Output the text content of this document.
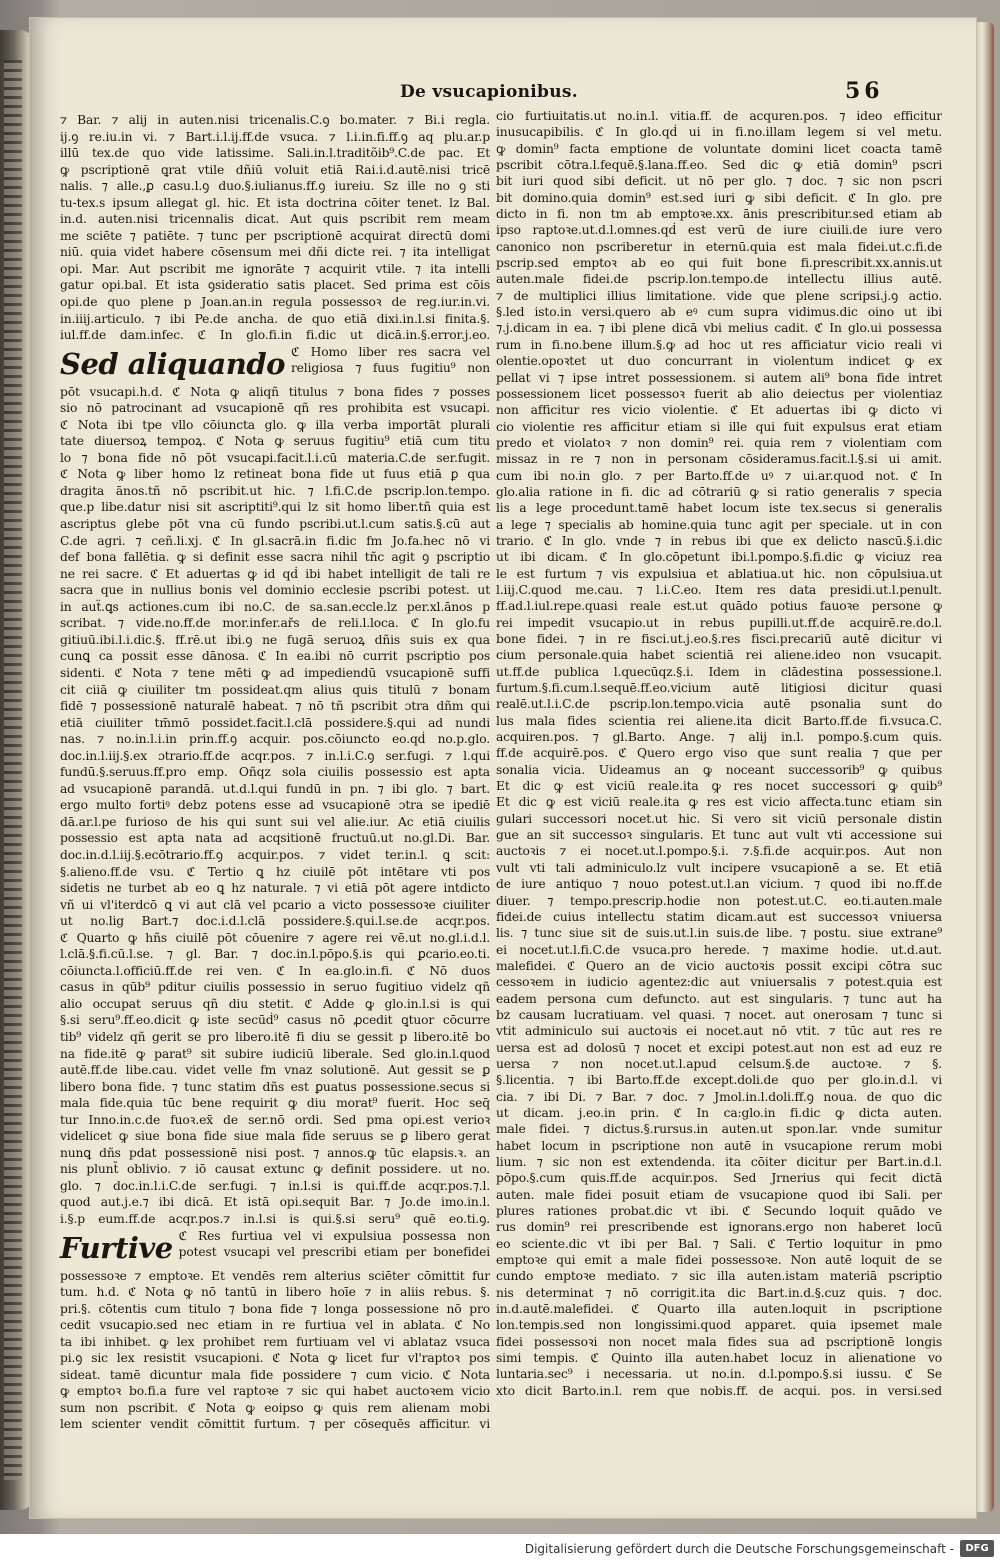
De vsucapionibus.	56
⁊ Bar. ⁊ alij in auten.nisi tricenalis.C.ꝯ bo.mater. ⁊ Bi.i regla.
ij.ꝯ re.iu.in vi. ⁊ Bart.i.l.ij.ff.de vsuca. ⁊ l.i.in.fi.ff.ꝯ aq plu.ar.p
illū tex.de quo vide latissime. Sali.in.l.traditõib⁹.C.de pac. Et
ꝙ pscriptionē ꝗrat vtile dñiū voluit etiā Rai.i.d.autē.nisi tricē
nalis. ⁊ alle.,ꝑ casu.l.ꝯ duo.§.iulianus.ff.ꝯ iureiu. Sz ille no ꝯ sti
tu-tex.s ipsum allegat gl. hic. Et ista doctrina cōiter tenet. lz Bal.
in.d. auten.nisi tricennalis dicat. Aut quis pscribit rem meam
me sciēte ⁊ patiēte. ⁊ tunc per pscriptionē acquirat directū domi
niū. quia videt habere cōsensum mei dñi dicte rei. ⁊ ita intelligat
opi. Mar. Aut pscribit me ignorāte ⁊ acquirit vtile. ⁊ ita intelli
gatur opi.bal. Et ista ꝯsideratio satis placet. Sed prima est cōis
opi.de quo plene p Joan.an.in regula possessoꝛ de reg.iur.in.vi.
in.iiij.articulo. ⁊ ibi Pe.de ancha. de quo etiā dixi.in.l.si finita.§.
iul.ff.de dam.infec. ℭ In glo.fi.in fi.dic ut dicā.in.§.error.j.eo.
Sed aliquando ℭ Homo liber res sacra vel
religiosa ⁊ fuus fugitiu⁹ non
pōt vsucapi.h.d. ℭ Nota ꝙ aliqñ titulus ⁊ bona fides ⁊ posses
sio nō patrocinant ad vsucapionē qñ res prohibita est vsucapi.
ℭ Nota ibi tpe vllo cōiuncta glo. ꝙ illa verba importāt plurali
tate diuersoꝝ tempoꝝ. ℭ Nota ꝙ seruus fugitiu⁹ etiā cum titu
lo ⁊ bona fide nō pōt vsucapi.facit.l.i.cū materia.C.de ser.fugit.
ℭ Nota ꝙ liber homo lz retineat bona fide ut fuus etiā ꝑ qua
dragita ānos.tñ nō pscribit.ut hic. ⁊ l.fi.C.de pscrip.lon.tempo.
que.p libe.datur nisi sit ascriptiti⁹.qui lz sit homo liber.tñ quia est
ascriptus glebe pōt vna cū fundo pscribi.ut.l.cum satis.§.cū aut
C.de agri. ⁊ ceñ.li.xj. ℭ In gl.sacrā.in fi.dic fm Jo.fa.hec nō vi
def bona fallētia. ꝙ si definit esse sacra nihil tñc agit ꝯ pscriptio
ne rei sacre. ℭ Et aduertas ꝙ id qḋ ibi habet intelligit de tali re
sacra que in nullius bonis vel dominio ecclesie pscribi potest. ut
in auẗ.ꝗs actiones.cum ibi no.C. de sa.san.eccle.lz per.xl.ānos p
scribat. ⁊ vide.no.ff.de mor.infer.ařs de reli.l.loca. ℭ In glo.fu
gitiuū.ibi.l.i.dic.§. ff.rē.ut ibi.ꝯ ne fugā seruoꝝ dñis suis ex qua
cunꝗ ca possit esse dānosa. ℭ In ea.ibi nō currit pscriptio pos
sidenti. ℭ Nota ⁊ tene mēti ꝙ ad impediendū vsucapionē suffi
cit ciiā ꝙ ciuiliter tm possideat.qm alius quis titulū ⁊ bonam
fidē ⁊ possessionē naturalē habeat. ⁊ nō tñ pscribit ɔtra dñm qui
etiā ciuiliter tm̄mō possidet.facit.l.clā possidere.§.qui ad nundi
nas. ⁊ no.in.l.i.in prin.ff.ꝯ acquir. pos.cōiuncto eo.qḋ no.p.glo.
doc.in.l.iij.§.ex ɔtrario.ff.de acqr.pos. ⁊ in.l.i.C.ꝯ ser.fugi. ⁊ l.qui
fundū.§.seruus.ff.pro emp. Oñqz sola ciuilis possessio est apta
ad vsucapionē parandā. ut.d.l.qui fundū in pn. ⁊ ibi glo. ⁊ bart.
ergo multo fortiꝰ debz potens esse ad vsucapionē ɔtra se ipediē
dā.ar.l.pe furioso de his qui sunt sui vel alie.iur. Ac etiā ciuilis
possessio est apta nata ad acqsitionē fructuū.ut no.gl.Di. Bar.
doc.in.d.l.iij.§.ecōtrario.ff.ꝯ acquir.pos. ⁊ videt ter.in.l. ꝗ scit:
§.alieno.ff.de vsu. ℭ Tertio ꝗ hz ciuilē pōt intētare vti pos
sidetis ne turbet ab eo ꝗ hz naturale. ⁊ vi etiā pōt agere intdicto
vñ ui vl'iterdcō ꝗ vi aut clā vel pcario a victo possessoꝛe ciuiliter
ut no.lig Bart.⁊ doc.i.d.l.clā possidere.§.qui.l.se.de acqr.pos.
ℭ Quarto ꝙ hñs ciuilē pōt cōuenire ⁊ agere rei vē.ut no.gl.i.d.l.
l.clā.§.fi.cū.l.se. ⁊ gl. Bar. ⁊ doc.in.l.pōpo.§.is qui ꝑcario.eo.ti.
cōiuncta.l.officiū.ff.de rei ven. ℭ In ea.glo.in.fi. ℭ Nō duos
casus in qūb⁹ pditur ciuilis possessio in seruo fugitiuo videlz qñ
alio occupat seruus qñ diu stetit. ℭ Adde ꝙ glo.in.l.si is qui
§.si seru⁹.ff.eo.dicit ꝙ iste secūḋ⁹ casus nō ꝓcedit ꝗtuor cōcurre
tib⁹ videlz qñ gerit se pro libero.itē fi diu se gessit p libero.itē bo
na fide.itē ꝙ parat⁹ sit subire iudiciū liberale. Sed glo.in.l.quod
autē.ff.de libe.cau. videt velle fm vnaz solutionē. Aut gessit se ꝑ
libero bona fide. ⁊ tunc statim dñs est ꝑuatus possessione.secus si
mala fide.quia tūc bene requirit ꝙ diu morat⁹ fuerit. Hoc seq̄
tur Inno.in.c.de fuoꝛ.ex̄ de ser.nō ordi. Sed pma opi.est verioꝛ
videlicet ꝙ siue bona fide siue mala fide seruus se ꝑ libero gerat
nunꝗ dñs pdat possessionē nisi post. ⁊ annos.ꝙ tūc elapsis.ꝛ. an
nis plunt̄ oblivio. ⁊ iō causat extunc ꝙ definit possidere. ut no.
glo. ⁊ doc.in.l.i.C.de ser.fugi. ⁊ in.l.si is qui.ff.de acqr.pos.⁊.l.
quod aut.j.e.⁊ ibi dicā. Et istā opi.sequit Bar. ⁊ Jo.de imo.in.l.
i.§.p eum.ff.de acqr.pos.⁊ in.l.si is qui.§.si seru⁹ quē eo.ti.ꝯ.
Furtive ℭ Res furtiua vel vi expulsiua possessa non
potest vsucapi vel prescribi etiam per bonefidei
possessoꝛe ⁊ emptoꝛe. Et vendēs rem alterius sciēter cōmittit fur
tum. h.d. ℭ Nota ꝙ nō tantū in libero hoīe ⁊ in aliis rebus. §.
pri.§. cōtentis cum titulo ⁊ bona fide ⁊ longa possessione nō pro
cedit vsucapio.sed nec etiam in re furtiua vel in ablata. ℭ No
ta ibi inhibet. ꝙ lex prohibet rem furtiuam vel vi ablataz vsuca
pi.ꝯ sic lex resistit vsucapioni. ℭ Nota ꝙ licet fur vl'raptoꝛ pos
sideat. tamē dicuntur mala fide possidere ⁊ cum vicio. ℭ Nota
ꝙ emptoꝛ bo.fi.a fure vel raptoꝛe ⁊ sic qui habet auctoꝛem vicio
sum non pscribit. ℭ Nota ꝙ eoipso ꝙ quis rem alienam mobi
lem scienter vendit cōmittit furtum. ⁊ per cōsequēs afficitur. vi
cio furtiuitatis.ut no.in.l. vitia.ff. de acquren.pos. ⁊ ideo efficitur
inusucapibilis. ℭ In glo.qḋ ui in fi.no.illam legem si vel metu.
ꝙ domin⁹ facta emptione de voluntate domini licet coacta tamē
pscribit cōtra.l.fequē.§.lana.ff.eo. Sed dic ꝙ etiā domin⁹ pscri
bit iuri quod sibi deficit. ut nō per glo. ⁊ doc. ⁊ sic non pscri
bit domino.quia domin⁹ est.sed iuri ꝙ sibi deficit. ℭ In glo. pre
dicto in fi. non tm ab emptoꝛe.xx. ānis prescribitur.sed etiam ab
ipso raptoꝛe.ut.d.l.omnes.qḋ est verū de iure ciuili.de iure vero
canonico non pscriberetur in eternū.quia est mala fidei.ut.c.fi.de
pscrip.sed emptoꝛ ab eo qui fuit bone fi.prescribit.xx.annis.ut
auten.male fidei.de pscrip.lon.tempo.de intellectu illius autē.
⁊ de multiplici illius limitatione. vide que plene scripsi.j.ꝯ actio.
§.led isto.in versi.quero ab eꝰ cum supra vidimus.dic oino ut ibi
⁊.j.dicam in ea. ⁊ ibi plene dicā vbi melius cadit. ℭ In glo.ui possessa
rum in fi.no.bene illum.§.ꝙ ad hoc ut res afficiatur vicio reali vi
olentie.opoꝛtet ut duo concurrant in violentum indicet ꝙ ex
pellat vi ⁊ ipse intret possessionem. si autem ali⁹ bona fide intret
possessionem licet possessoꝛ fuerit ab alio deiectus per violentiaz
non afficitur res vicio violentie. ℭ Et aduertas ibi ꝙ dicto vi
cio violentie res afficitur etiam si ille qui fuit expulsus erat etiam
predo et violatoꝛ ⁊ non domin⁹ rei. quia rem ⁊ violentiam com
missaz in re ⁊ non in personam cōsideramus.facit.l.§.si ui amit.
cum ibi no.in glo. ⁊ per Barto.ff.de uꝰ ⁊ ui.ar.quod not. ℭ In
glo.alia ratione in fi. dic ad cōtrariū ꝙ si ratio generalis ⁊ specia
lis a lege procedunt.tamē habet locum iste tex.secus si generalis
a lege ⁊ specialis ab homine.quia tunc agit per speciale. ut in con
trario. ℭ In glo. vnde ⁊ in rebus ibi que ex delicto nascū.§.i.dic
ut ibi dicam. ℭ In glo.cōpetunt ibi.l.pompo.§.fi.dic ꝙ viciuz rea
le est furtum ⁊ vis expulsiua et ablatiua.ut hic. non cōpulsiua.ut
l.iij.C.quod me.cau. ⁊ l.i.C.eo. Item res data presidi.ut.l.penult.
ff.ad.l.iul.repe.quasi reale est.ut quādo potius fauoꝛe persone ꝙ
rei impedit vsucapio.ut in rebus pupilli.ut.ff.de acquirē.re.do.l.
bone fidei. ⁊ in re fisci.ut.j.eo.§.res fisci.precariū autē dicitur vi
cium personale.quia habet scientiā rei aliene.ideo non vsucapit.
ut.ff.de publica l.quecūqz.§.i. Idem in clādestina possessione.l.
furtum.§.fi.cum.l.sequē.ff.eo.vicium autē litigiosi dicitur quasi
realē.ut.l.i.C.de pscrip.lon.tempo.vicia autē psonalia sunt do
lus mala fides scientia rei aliene.ita dicit Barto.ff.de fi.vsuca.C.
acquiren.pos. ⁊ gl.Barto. Ange. ⁊ alij in.l. pompo.§.cum quis.
ff.de acquirē.pos. ℭ Quero ergo viso que sunt realia ⁊ que per
sonalia vicia. Uideamus an ꝙ noceant successorib⁹ ꝙ quibus
Et dic ꝙ est viciū reale.ita ꝙ res nocet successori ꝙ quib⁹
Et dic ꝙ est viciū reale.ita ꝙ res est vicio affecta.tunc etiam sin
gulari successori nocet.ut hic. Si vero sit viciū personale distin
gue an sit successoꝛ singularis. Et tunc aut vult vti accessione sui
auctoꝛis ⁊ ei nocet.ut.l.pompo.§.i. ⁊.§.fi.de acquir.pos. Aut non
vult vti tali adminiculo.lz vult incipere vsucapionē a se. Et etiā
de iure antiquo ⁊ nouo potest.ut.l.an vicium. ⁊ quod ibi no.ff.de
diuer. ⁊ tempo.prescrip.hodie non potest.ut.C. eo.ti.auten.male
fidei.de cuius intellectu statim dicam.aut est successoꝛ vniuersa
lis. ⁊ tunc siue sit de suis.ut.l.in suis.de libe. ⁊ postu. siue extrane⁹
ei nocet.ut.l.fi.C.de vsuca.pro herede. ⁊ maxime hodie. ut.d.aut.
malefidei. ℭ Quero an de vicio auctoꝛis possit excipi cōtra suc
cessoꝛem in iudicio agentez:dic aut vniuersalis ⁊ potest.quia est
eadem persona cum defuncto. aut est singularis. ⁊ tunc aut ha
bz causam lucratiuam. vel quasi. ⁊ nocet. aut onerosam ⁊ tunc si
vtit adminiculo sui auctoꝛis ei nocet.aut nō vtit. ⁊ tūc aut res re
uersa est ad dolosū ⁊ nocet et excipi potest.aut non est ad euz re
uersa ⁊ non nocet.ut.l.apud celsum.§.de auctoꝛe. ⁊ §.
§.licentia. ⁊ ibi Barto.ff.de except.doli.de quo per glo.in.d.l. vi
cia. ⁊ ibi Di. ⁊ Bar. ⁊ doc. ⁊ Jmol.in.l.doli.ff.ꝯ noua. de quo dic
ut dicam. j.eo.in prin. ℭ In ca:glo.in fi.dic ꝙ dicta auten.
male fidei. ⁊ dictus.§.rursus.in auten.ut spon.lar. vnde sumitur
habet locum in pscriptione non autē in vsucapione rerum mobi
lium. ⁊ sic non est extendenda. ita cōiter dicitur per Bart.in.d.l.
pōpo.§.cum quis.ff.de acquir.pos. Sed Jrnerius qui fecit dictā
auten. male fidei posuit etiam de vsucapione quod ibi Sali. per
plures rationes probat.dic vt ibi. ℭ Secundo loquit quādo ve
rus domin⁹ rei prescribende est ignorans.ergo non haberet locū
eo sciente.dic vt ibi per Bal. ⁊ Sali. ℭ Tertio loquitur in pmo
emptoꝛe qui emit a male fidei possessoꝛe. Non autē loquit de se
cundo emptoꝛe mediato. ⁊ sic illa auten.istam materiā pscriptio
nis determinat ⁊ nō corrigit.ita dic Bart.in.d.§.cuz quis. ⁊ doc.
in.d.autē.malefidei. ℭ Quarto illa auten.loquit in pscriptione
lon.tempis.sed non longissimi.quod apparet. quia ipsemet male
fidei possessoꝛi non nocet mala fides sua ad pscriptionē longis
simi tempis. ℭ Quinto illa auten.habet locuz in alienatione vo
luntaria.sec⁹ i necessaria. ut no.in. d.l.pompo.§.si iussu. ℭ Se
xto dicit Barto.in.l. rem que nobis.ff. de acqui. pos. in versi.sed
Digitalisierung gefördert durch die Deutsche Forschungsgemeinschaft -	DFG
